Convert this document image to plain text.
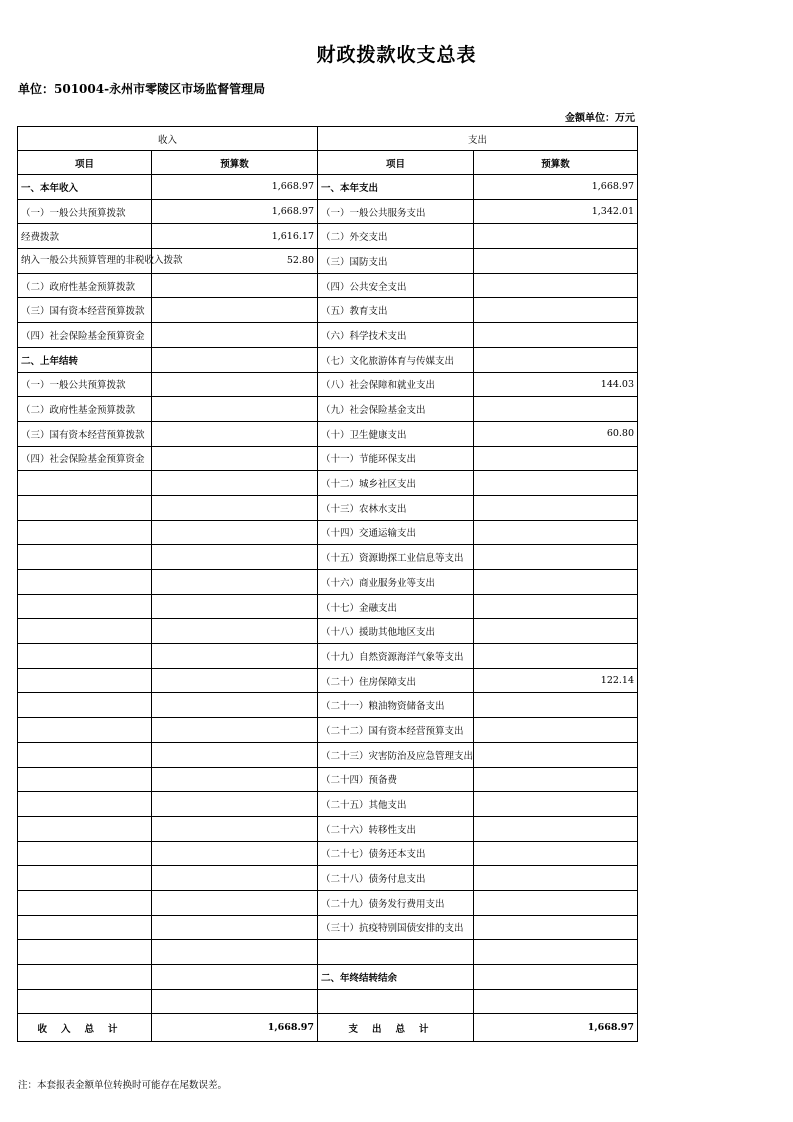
财政拨款收支总表
单位：501004-永州市零陵区市场监督管理局
金额单位：万元
收入		支出	
项目	预算数	项目	预算数
一、本年收入	1,668.97	一、本年支出	1,668.97
（一）一般公共预算拨款	1,668.97	（一）一般公共服务支出	1,342.01
经费拨款	1,616.17	（二）外交支出	
纳入一般公共预算管理的非税收入拨款	52.80	（三）国防支出	
（二）政府性基金预算拨款		（四）公共安全支出	
（三）国有资本经营预算拨款		（五）教育支出	
（四）社会保险基金预算资金		（六）科学技术支出	
二、上年结转		（七）文化旅游体育与传媒支出	
（一）一般公共预算拨款		（八）社会保障和就业支出	144.03
（二）政府性基金预算拨款		（九）社会保险基金支出	
（三）国有资本经营预算拨款		（十）卫生健康支出	60.80
（四）社会保险基金预算资金		（十一）节能环保支出	
		（十二）城乡社区支出	
		（十三）农林水支出	
		（十四）交通运输支出	
		（十五）资源勘探工业信息等支出	
		（十六）商业服务业等支出	
		（十七）金融支出	
		（十八）援助其他地区支出	
		（十九）自然资源海洋气象等支出	
		（二十）住房保障支出	122.14
		（二十一）粮油物资储备支出	
		（二十二）国有资本经营预算支出	
		（二十三）灾害防治及应急管理支出	
		（二十四）预备费	
		（二十五）其他支出	
		（二十六）转移性支出	
		（二十七）债务还本支出	
		（二十八）债务付息支出	
		（二十九）债务发行费用支出	
		（三十）抗疫特别国债安排的支出	

		二、年终结转结余	

收入总计	1,668.97	支出总计	1,668.97
注：本套报表金额单位转换时可能存在尾数误差。
